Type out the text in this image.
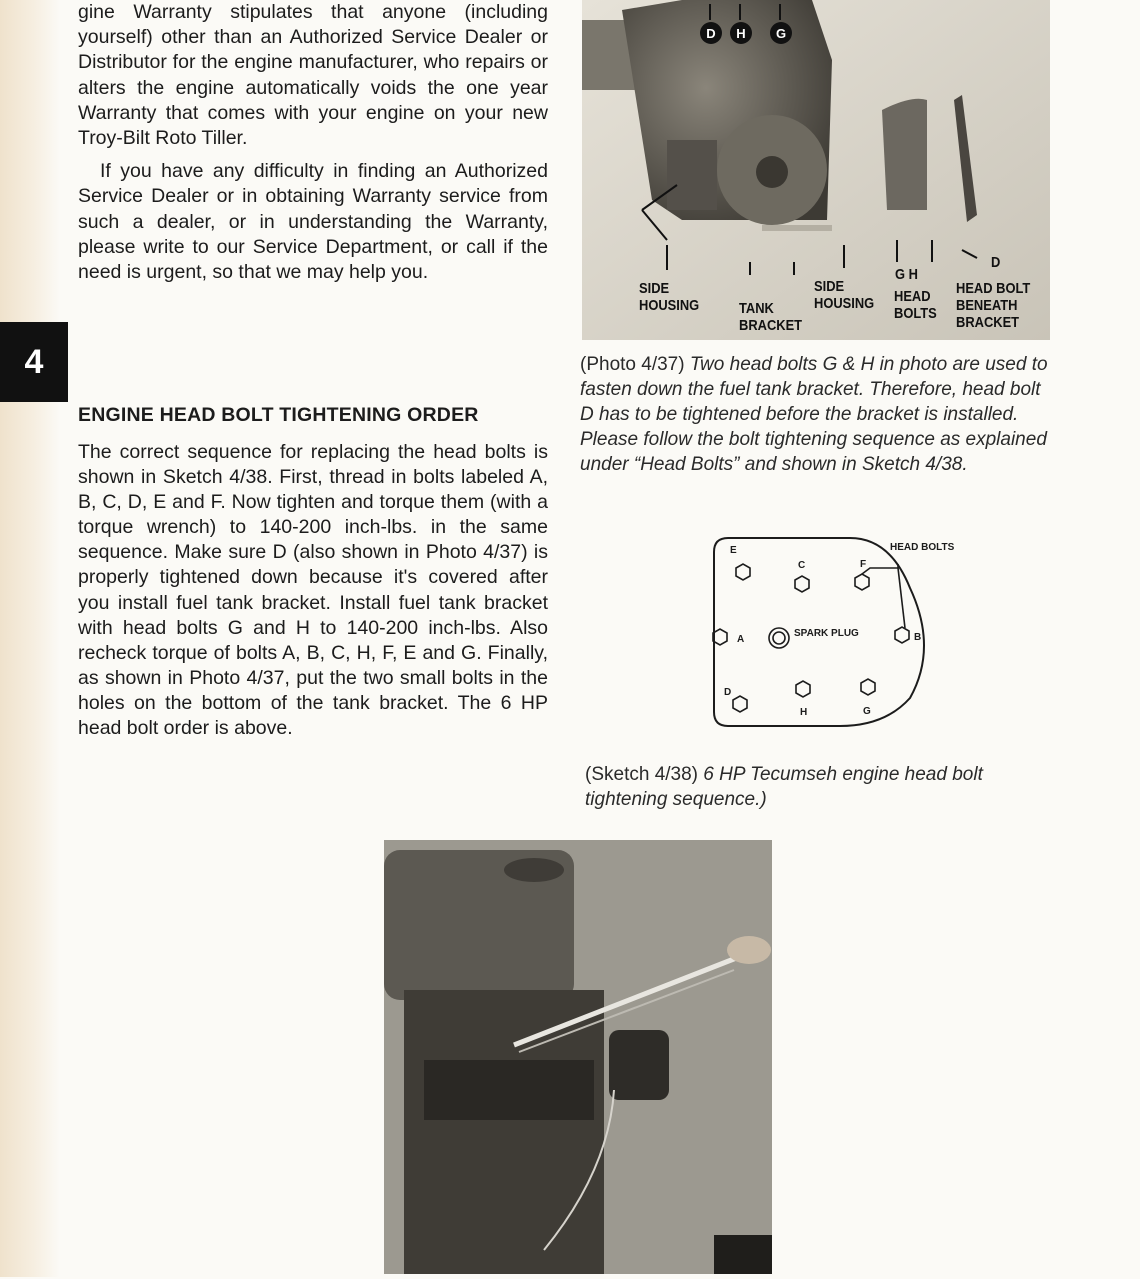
gine Warranty stipulates that anyone (including yourself) other than an Authorized Service Dealer or Distributor for the engine manufacturer, who repairs or alters the engine automatically voids the one year Warranty that comes with your engine on your new Troy-Bilt Roto Tiller.

If you have any difficulty in finding an Authorized Service Dealer or in obtaining Warranty service from such a dealer, or in understanding the Warranty, please write to our Service Department, or call if the need is urgent, so that we may help you.

4
ENGINE HEAD BOLT TIGHTENING ORDER

The correct sequence for replacing the head bolts is shown in Sketch 4/38. First, thread in bolts labeled A, B, C, D, E and F. Now tighten and torque them (with a torque wrench) to 140-200 inch-lbs. in the same sequence. Make sure D (also shown in Photo 4/37) is properly tightened down because it's covered after you install fuel tank bracket. Install fuel tank bracket with head bolts G and H to 140-200 inch-lbs. Also recheck torque of bolts A, B, C, H, F, E and G. Finally, as shown in Photo 4/37, put the two small bolts in the holes on the bottom of the tank bracket. The 6 HP head bolt order is above.

D	H	G
SIDE HOUSING	TANK BRACKET
SIDE HOUSING
G H
HEAD BOLTS
D
HEAD BOLT BENEATH BRACKET
(Photo 4/37) Two head bolts G & H in photo are used to fasten down the fuel tank bracket. Therefore, head bolt D has to be tightened before the bracket is installed. Please follow the bolt tightening sequence as explained under “Head Bolts” and shown in Sketch 4/38.
E
C	F
A	B
D
H	G
SPARK PLUG
HEAD BOLTS
(Sketch 4/38) 6 HP Tecumseh engine head bolt tightening sequence.)
